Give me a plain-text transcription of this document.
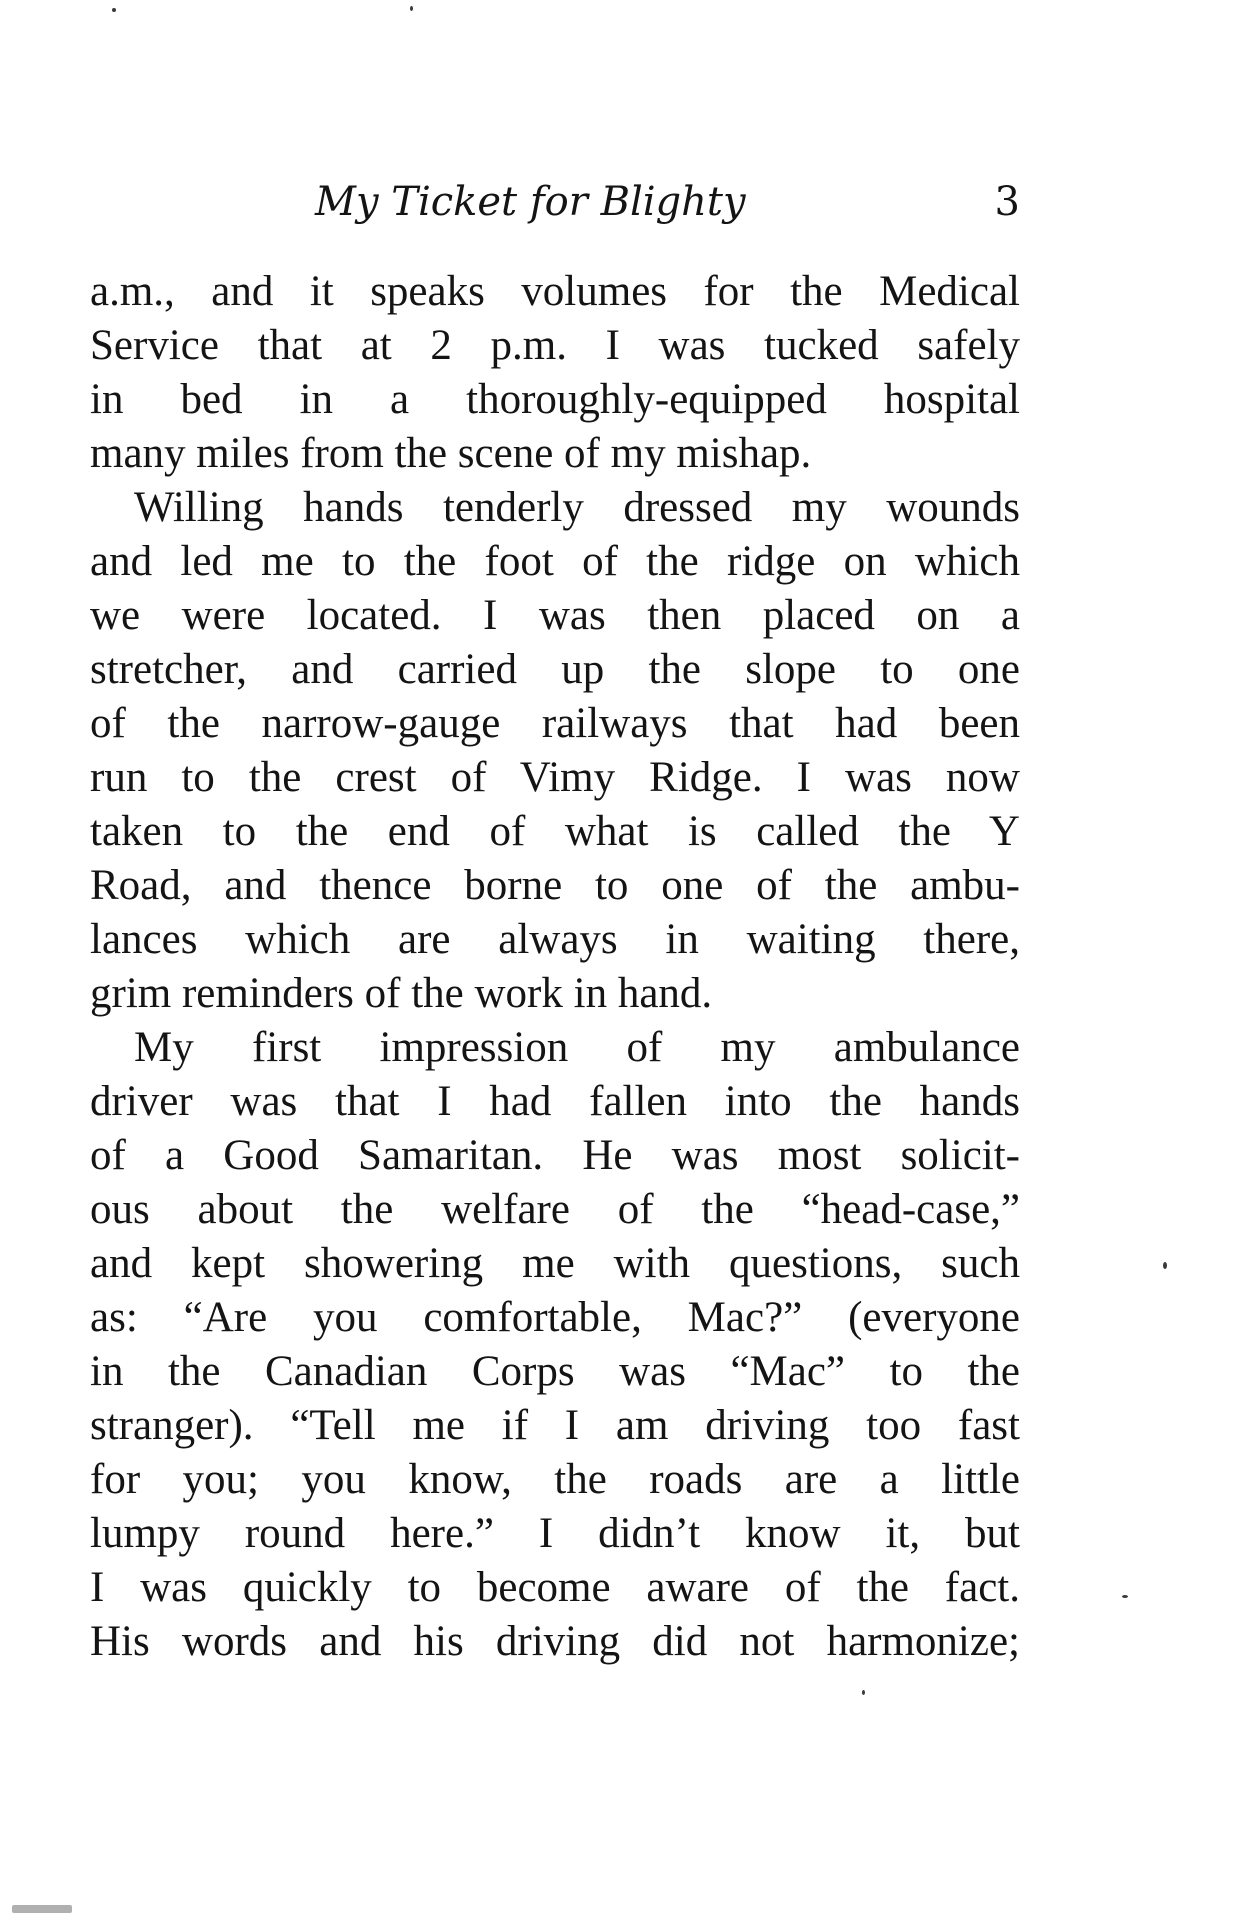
My Ticket for Blighty	3
a.m., and it speaks volumes for the Medical
Service that at 2 p.m. I was tucked safely
in bed in a thoroughly-equipped hospital
many miles from the scene of my mishap.
Willing hands tenderly dressed my wounds
and led me to the foot of the ridge on which
we were located. I was then placed on a
stretcher, and carried up the slope to one
of the narrow-gauge railways that had been
run to the crest of Vimy Ridge. I was now
taken to the end of what is called the Y
Road, and thence borne to one of the ambu-
lances which are always in waiting there,
grim reminders of the work in hand.
My first impression of my ambulance
driver was that I had fallen into the hands
of a Good Samaritan. He was most solicit-
ous about the welfare of the “head-case,”
and kept showering me with questions, such
as: “Are you comfortable, Mac?” (everyone
in the Canadian Corps was “Mac” to the
stranger). “Tell me if I am driving too fast
for you; you know, the roads are a little
lumpy round here.” I didn’t know it, but
I was quickly to become aware of the fact.
His words and his driving did not harmonize;
